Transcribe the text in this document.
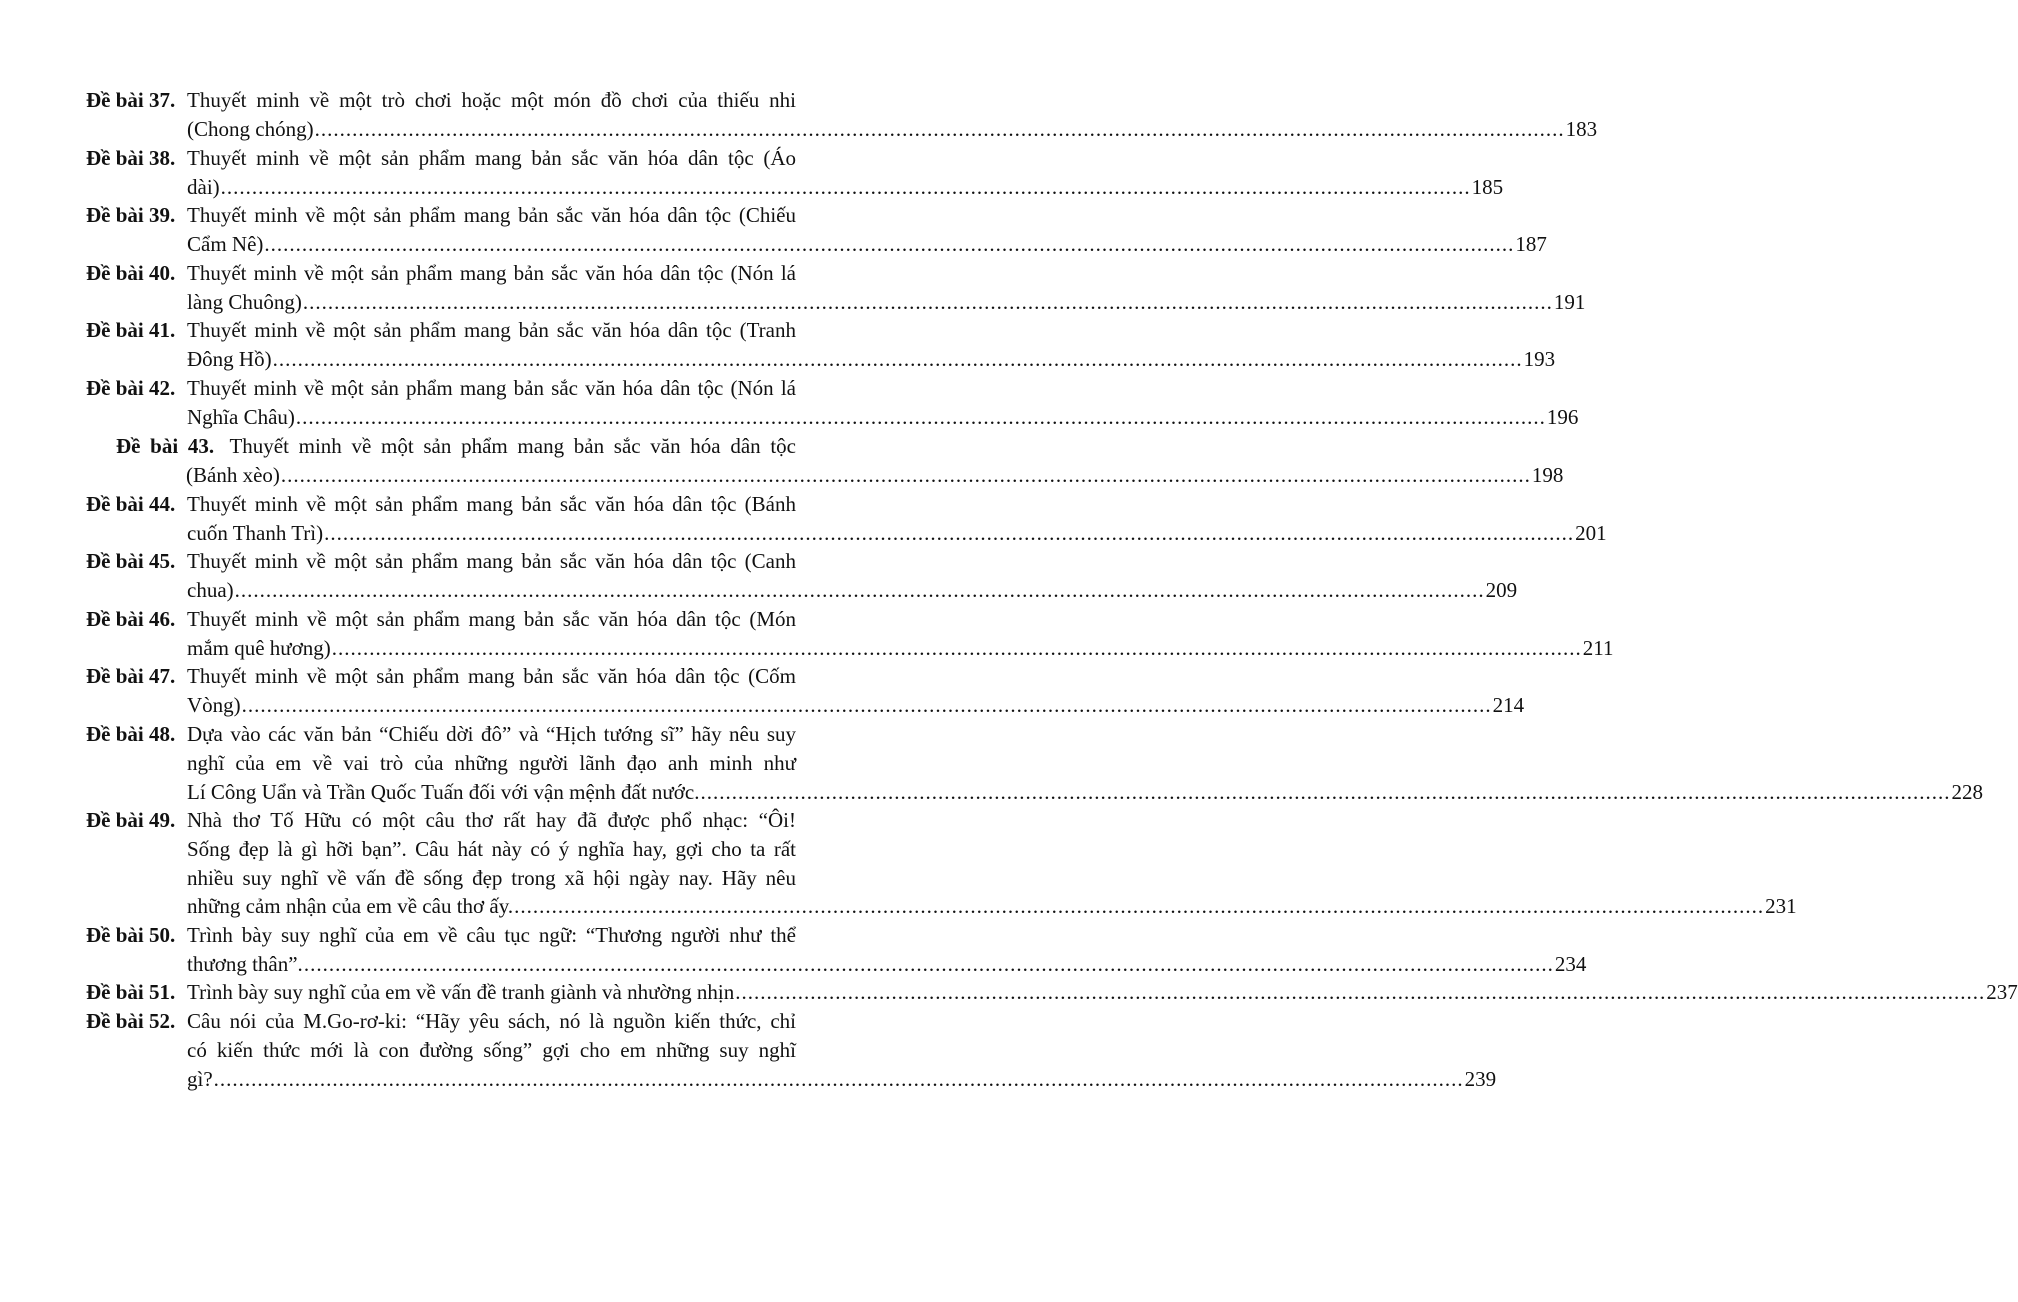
Đề bài 37. Thuyết minh về một trò chơi hoặc một món đồ chơi của thiếu nhi
(Chong chóng) ........................................................................................................................................................................................................ 183
Đề bài 38. Thuyết minh về một sản phẩm mang bản sắc văn hóa dân tộc (Áo
dài) ........................................................................................................................................................................................................ 185
Đề bài 39. Thuyết minh về một sản phẩm mang bản sắc văn hóa dân tộc (Chiếu
Cẩm Nê) ........................................................................................................................................................................................................ 187
Đề bài 40. Thuyết minh về một sản phẩm mang bản sắc văn hóa dân tộc (Nón lá
làng Chuông) ........................................................................................................................................................................................................ 191
Đề bài 41. Thuyết minh về một sản phẩm mang bản sắc văn hóa dân tộc (Tranh
Đông Hồ) ........................................................................................................................................................................................................ 193
Đề bài 42. Thuyết minh về một sản phẩm mang bản sắc văn hóa dân tộc (Nón lá
Nghĩa Châu) ........................................................................................................................................................................................................ 196
Đề bài 43. Thuyết minh về một sản phẩm mang bản sắc văn hóa dân tộc
(Bánh xèo) ........................................................................................................................................................................................................ 198
Đề bài 44. Thuyết minh về một sản phẩm mang bản sắc văn hóa dân tộc (Bánh
cuốn Thanh Trì) ........................................................................................................................................................................................................ 201
Đề bài 45. Thuyết minh về một sản phẩm mang bản sắc văn hóa dân tộc (Canh
chua) ........................................................................................................................................................................................................ 209
Đề bài 46. Thuyết minh về một sản phẩm mang bản sắc văn hóa dân tộc (Món
mắm quê hương) ........................................................................................................................................................................................................ 211
Đề bài 47. Thuyết minh về một sản phẩm mang bản sắc văn hóa dân tộc (Cốm
Vòng) ........................................................................................................................................................................................................ 214
Đề bài 48. Dựa vào các văn bản “Chiếu dời đô” và “Hịch tướng sĩ” hãy nêu suy
nghĩ của em về vai trò của những người lãnh đạo anh minh như
Lí Công Uẩn và Trần Quốc Tuấn đối với vận mệnh đất nước. ........................................................................................................................................................................................................ 228
Đề bài 49. Nhà thơ Tố Hữu có một câu thơ rất hay đã được phổ nhạc: “Ôi!
Sống đẹp là gì hỡi bạn”. Câu hát này có ý nghĩa hay, gợi cho ta rất
nhiều suy nghĩ về vấn đề sống đẹp trong xã hội ngày nay. Hãy nêu
những cảm nhận của em về câu thơ ấy. ........................................................................................................................................................................................................ 231
Đề bài 50. Trình bày suy nghĩ của em về câu tục ngữ: “Thương người như thể
thương thân”. ........................................................................................................................................................................................................ 234
Đề bài 51. Trình bày suy nghĩ của em về vấn đề tranh giành và nhường nhịn ........................................................................................................................................................................................................ 237
Đề bài 52. Câu nói của M.Go-rơ-ki: “Hãy yêu sách, nó là nguồn kiến thức, chỉ
có kiến thức mới là con đường sống” gợi cho em những suy nghĩ
gì? ........................................................................................................................................................................................................ 239
